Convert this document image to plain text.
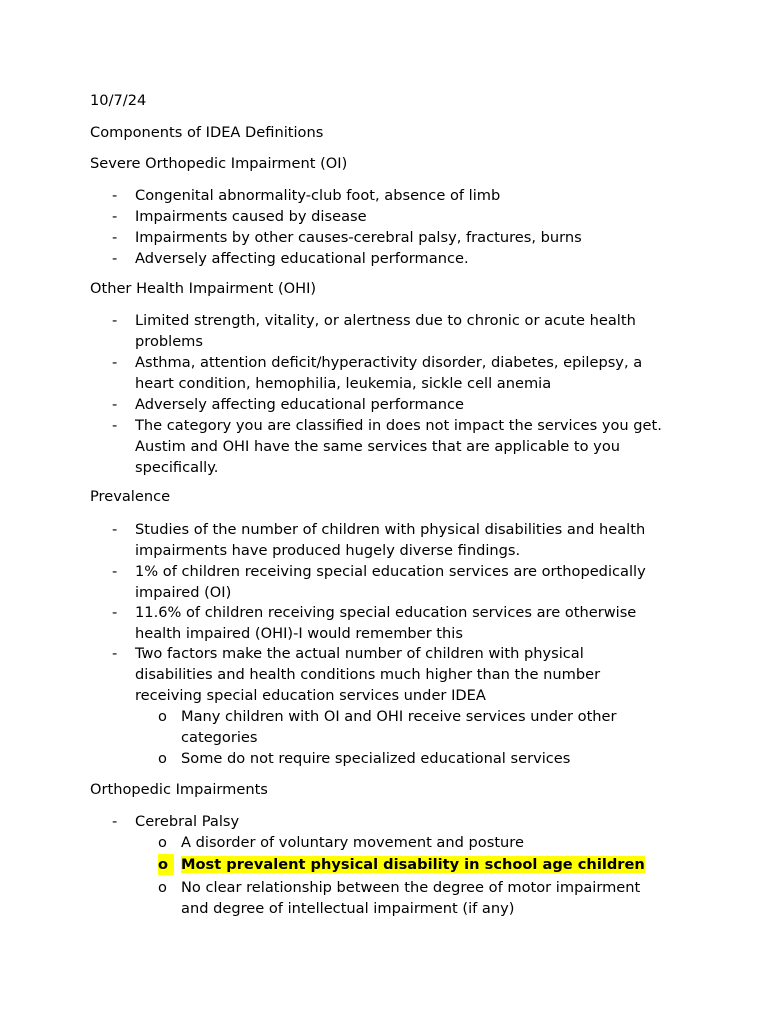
10/7/24
Components of IDEA Definitions
Severe Orthopedic Impairment (OI)
- Congenital abnormality-club foot, absence of limb
- Impairments caused by disease
- Impairments by other causes-cerebral palsy, fractures, burns
- Adversely affecting educational performance.
Other Health Impairment (OHI)
- Limited strength, vitality, or alertness due to chronic or acute health problems
- Asthma, attention deficit/hyperactivity disorder, diabetes, epilepsy, a heart condition, hemophilia, leukemia, sickle cell anemia
- Adversely affecting educational performance
- The category you are classified in does not impact the services you get. Austim and OHI have the same services that are applicable to you specifically.
Prevalence
- Studies of the number of children with physical disabilities and health impairments have produced hugely diverse findings.
- 1% of children receiving special education services are orthopedically impaired (OI)
- 11.6% of children receiving special education services are otherwise health impaired (OHI)-I would remember this
- Two factors make the actual number of children with physical disabilities and health conditions much higher than the number receiving special education services under IDEA
o Many children with OI and OHI receive services under other categories
o Some do not require specialized educational services
Orthopedic Impairments
- Cerebral Palsy
o A disorder of voluntary movement and posture
o Most prevalent physical disability in school age children
o No clear relationship between the degree of motor impairment and degree of intellectual impairment (if any)
